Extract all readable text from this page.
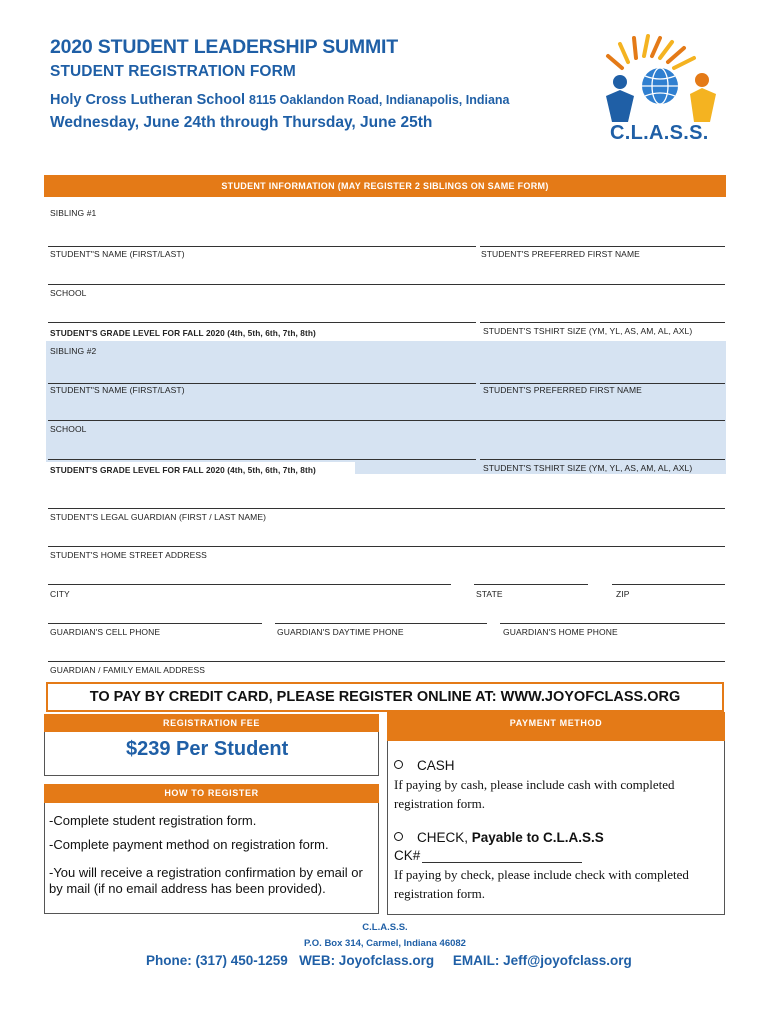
2020 STUDENT LEADERSHIP SUMMIT
STUDENT REGISTRATION FORM
Holy Cross Lutheran School 8115 Oaklandon Road, Indianapolis, Indiana
Wednesday, June 24th through Thursday, June 25th	C.L.A.S.S.
STUDENT INFORMATION (MAY REGISTER 2 SIBLINGS ON SAME FORM)
SIBLING #1
STUDENT"S NAME (FIRST/LAST)	STUDENT'S PREFERRED FIRST NAME
SCHOOL
STUDENT'S GRADE LEVEL FOR FALL 2020 (4th, 5th, 6th, 7th, 8th)	STUDENT'S TSHIRT SIZE (YM, YL, AS, AM, AL, AXL)
SIBLING #2
STUDENT"S NAME (FIRST/LAST)	STUDENT'S PREFERRED FIRST NAME
SCHOOL
STUDENT'S GRADE LEVEL FOR FALL 2020 (4th, 5th, 6th, 7th, 8th)	STUDENT'S TSHIRT SIZE (YM, YL, AS, AM, AL, AXL)
STUDENT'S LEGAL GUARDIAN (FIRST / LAST NAME)
STUDENT'S HOME STREET ADDRESS
CITY	STATE	ZIP
GUARDIAN'S CELL PHONE	GUARDIAN'S DAYTIME PHONE	GUARDIAN'S HOME PHONE
GUARDIAN / FAMILY EMAIL ADDRESS
TO PAY BY CREDIT CARD, PLEASE REGISTER ONLINE AT: WWW.JOYOFCLASS.ORG
REGISTRATION FEE
$239 Per Student
HOW TO REGISTER
-Complete student registration form.
-Complete payment method on registration form.
-You will receive a registration confirmation by email or by mail (if no email address has been provided).
PAYMENT METHOD
CASH
If paying by cash, please include cash with completed registration form.
CHECK, Payable to C.L.A.S.S
CK#
If paying by check, please include check with completed registration form.
C.L.A.S.S.
P.O. Box 314, Carmel, Indiana 46082
Phone: (317) 450-1259   WEB: Joyofclass.org     EMAIL: Jeff@joyofclass.org
